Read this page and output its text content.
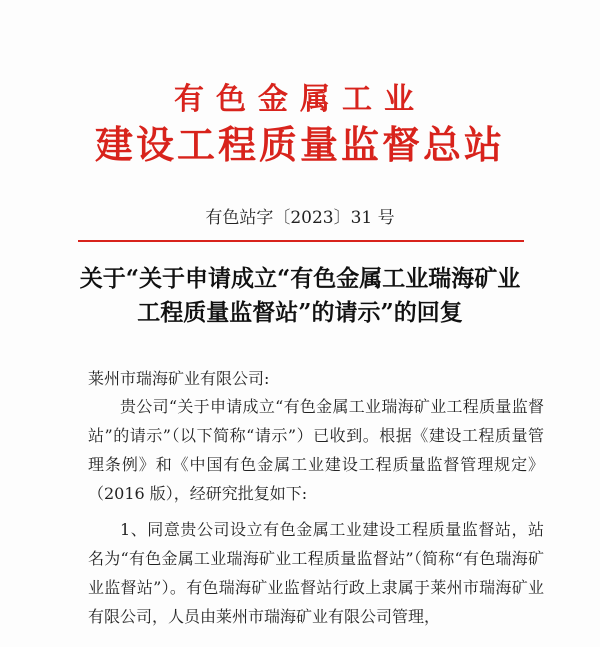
有色金属工业
建设工程质量监督总站
有色站字〔2023〕31 号
关于“关于申请成立“有色金属工业瑞海矿业
工程质量监督站”的请示”的回复
莱州市瑞海矿业有限公司:

贵公司“关于申请成立“有色金属工业瑞海矿业工程质量监督站”的请示”（以下简称“请示”）已收到。根据《建设工程质量管理条例》和《中国有色金属工业建设工程质量监督管理规定》（2016 版），经研究批复如下:

1、同意贵公司设立有色金属工业建设工程质量监督站，站名为“有色金属工业瑞海矿业工程质量监督站”（简称“有色瑞海矿业监督站”）。有色瑞海矿业监督站行政上隶属于莱州市瑞海矿业有限公司，人员由莱州市瑞海矿业有限公司管理，
